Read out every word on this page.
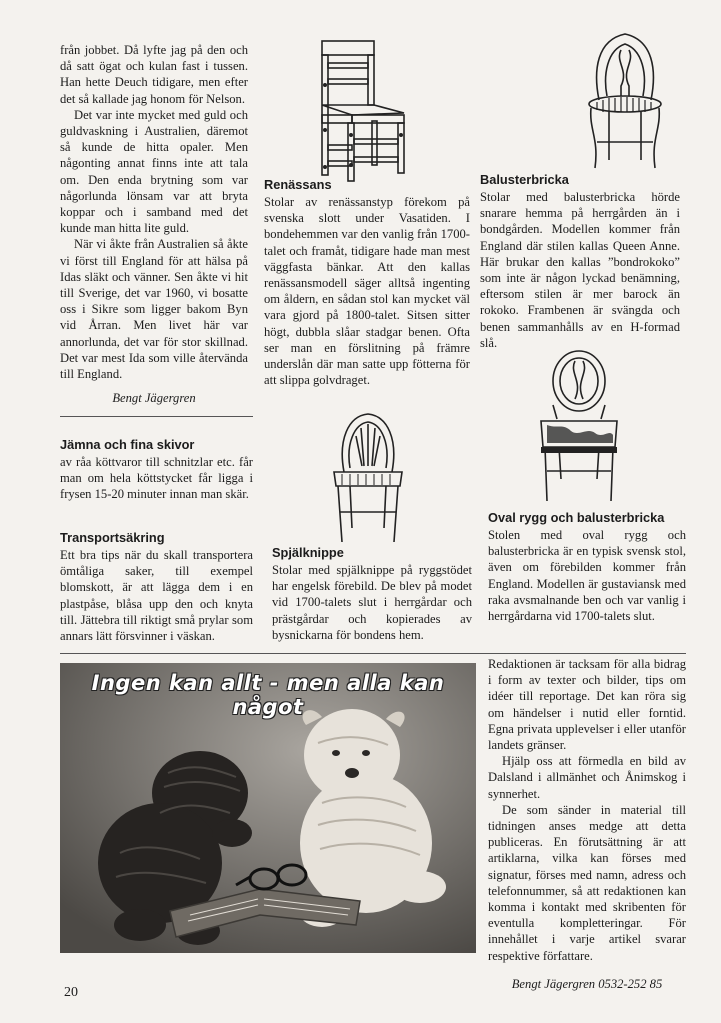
från jobbet. Då lyfte jag på den och då satt ögat och kulan fast i tussen. Han hette Deuch tidigare, men efter det så kallade jag honom för Nelson.

Det var inte mycket med guld och guldvaskning i Australien, däremot så kunde de hitta opaler. Men någonting annat finns inte att tala om. Den enda brytning som var någorlunda lönsam var att bryta koppar och i samband med det kunde man hitta lite guld.

När vi åkte från Australien så åkte vi först till England för att hälsa på Idas släkt och vänner. Sen åkte vi hit till Sverige, det var 1960, vi bosatte oss i Sikre som ligger bakom Byn vid Årran. Men livet här var annorlunda, det var för stor skillnad. Det var mest Ida som ville återvända till England.

Bengt Jägergren
Jämna och fina skivor

av råa köttvaror till schnitzlar etc. får man om hela köttstycket får ligga i frysen 15-20 minuter innan man skär.

Transportsäkring

Ett bra tips när du skall transportera ömtåliga saker, till exempel blomskott, är att lägga dem i en plastpåse, blåsa upp den och knyta till. Jättebra till riktigt små prylar som annars lätt försvinner i väskan.

Renässans

Stolar av renässanstyp förekom på svenska slott under Vasatiden. I bondehemmen var den vanlig från 1700-talet och framåt, tidigare hade man mest väggfasta bänkar. Att den kallas renässansmodell säger alltså ingenting om åldern, en sådan stol kan mycket väl vara gjord på 1800-talet. Sitsen sitter högt, dubbla slåar stadgar benen. Ofta ser man en förslitning på främre underslån där man satte upp fötterna för att slippa golvdraget.

Balusterbricka

Stolar med balusterbricka hörde snarare hemma på herrgården än i bondgården. Modellen kommer från England där stilen kallas Queen Anne. Här brukar den kallas ”bondrokoko” som inte är någon lyckad benämning, eftersom stilen är mer barock än rokoko. Frambenen är svängda och benen sammanhålls av en H-formad slå.

Spjälknippe

Stolar med spjälknippe på ryggstödet har engelsk förebild. De blev på modet vid 1700-talets slut i herrgårdar och prästgårdar och kopierades av bysnickarna för bondens hem.

Oval rygg och balusterbricka

Stolen med oval rygg och balusterbricka är en typisk svensk stol, även om förebilden kommer från England. Modellen är gustaviansk med raka avsmalnande ben och var vanlig i herrgårdarna vid 1700-talets slut.

Ingen kan allt - men alla kan något

Redaktionen är tacksam för alla bidrag i form av texter och bilder, tips om idéer till reportage. Det kan röra sig om händelser i nutid eller forntid. Egna privata upplevelser i eller utanför landets gränser.

Hjälp oss att förmedla en bild av Dalsland i allmänhet och Ånimskog i synnerhet.

De som sänder in material till tidningen anses medge att detta publiceras. En förutsättning är att artiklarna, vilka kan förses med signatur, förses med namn, adress och telefonnummer, så att redaktionen kan komma i kontakt med skribenten för eventulla kompletteringar. För innehållet i varje artikel svarar respektive författare.

Bengt Jägergren 0532-252 85
20
